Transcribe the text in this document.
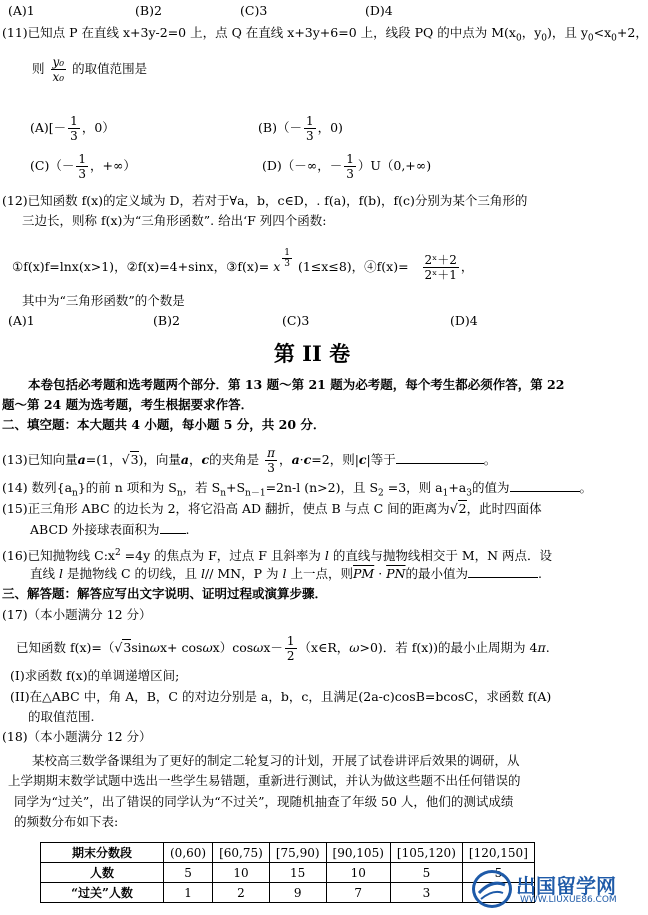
(A)1	(B)2	(C)3	(D)4
(11)已知点 P 在直线 x+3y-2=0 上，点 Q 在直线 x+3y+6=0 上，线段 PQ 的中点为 $M(x_0$，$y_0$)，且 $y_0<x_0+2$，
则 $\frac{\text{y₀}}{\text{x₀}}$ 的取值范围是
$(A)[- \frac{1}{3}$ ，0）	$(B)(- \frac{1}{3}$ ，0)
$(C)(- \frac{1}{3}$ ，+∞）	(D)（－∞，－ $\frac{1}{3} )U(0,+\infty)$
(12)已知函数 f(x)的定义域为 D，若对于∀a，b，c∈D，. f(a)，f(b)，f(c)分别为某个三角形的
三边长，则称 f(x)为“三角形函数”. 给出‘F 列四个函数:
①f(x)f=lnx(x>1)，②f(x)=4+sinx，③f(x)= x $\frac{1}{3} (1\le x\le 8)$，④f(x)= $\frac{\text{2ˣ＋2}}{\text{2ˣ＋1}}$ ，
其中为“三角形函数”的个数是
(A)1	(B)2	(C)3	(D)4
第 II 卷
本卷包括必考题和选考题两个部分．第 13 题～第 21 题为必考题，每个考生都必须作答，第 22
题～第 24 题为选考题，考生根据要求作答．
二、填空题：本大题共 4 小题，每小题 5 分，共 20 分．
(13)已知向量a=(1，√3)，向量a，c的夹角是 $\frac{\pi}{3}$ ，a·c=2，则|c|等于	。
(14) 数列$\{a_n\}$的前 n 项和为 $S_n$，若 $S_n+S_{n-1}=2n-l$ (n>2)，且 $S_2 =3$，则 $a_1+a_3$的值为	。
(15)正三角形 ABC 的边长为 2，将它沿高 AD 翻折，使点 B 与点 C 间的距离为√2，此时四面体
ABCD 外接球表面积为 .
(16)已知抛物线 $C:x^2 =4y$ 的焦点为 F，过点 F 且斜率为 l 的直线与抛物线相交于 M，N 两点．设
直线 l 是抛物线 C 的切线，且 l// MN，P 为 l 上一点，则$\overline{PM} \cdot \overline{PN}$的最小值为	.
三、解答题：解答应写出文字说明、证明过程或演算步骤．
(17)（本小题满分 12 分）
已知函数 $f(x)=(√3\sin\omega x+ \cos\omega x)\cos\omega x- \frac{1}{2}$ （x∈R，ω>0)．若 f(x))的最小止周期为 4π.
(Ⅰ)求函数 f(x)的单调递增区间;
(II)在△ABC 中，角 A，B，C 的对边分别是 a，b，c，且满足(2a-c)cosB=bcosC，求函数 f(A)
的取值范围.
(18)（本小题满分 12 分）
某校高三数学备课组为了更好的制定二轮复习的计划，开展了试卷讲评后效果的调研，从
上学期期末数学试题中选出一些学生易错题，重新进行测试，并认为做这些题不出任何错误的
同学为“过关”，出了错误的同学认为“不过关”，现随机抽查了年级 50 人，他们的测试成绩
的频数分布如下表:
期末分数段	(0,60)	[60,75)	[75,90)	[90,105)	[105,120)	[120,150]
人数	5	10	15	10	5	5
“过关”人数	1	2	9	7	3		出国留学网
WWW.LIUXUE86.COM
